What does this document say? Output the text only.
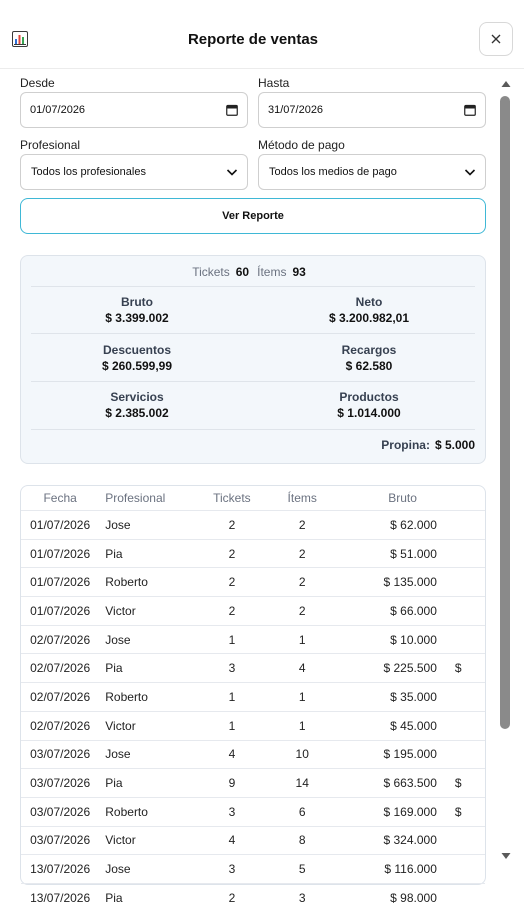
Reporte de ventas
Desde
01/07/2026
Hasta
31/07/2026
Profesional
Todos los profesionales
Método de pago
Todos los medios de pago
Ver Reporte
Tickets 60 Ítems 93
Bruto
$ 3.399.002
Neto
$ 3.200.982,01
Descuentos
$ 260.599,99
Recargos
$ 62.580
Servicios
$ 2.385.002
Productos
$ 1.014.000
Propina: $ 5.000
Fecha	Profesional	Tickets	Ítems	Bruto	
01/07/2026	Jose	2	2	$ 62.000	
01/07/2026	Pia	2	2	$ 51.000	
01/07/2026	Roberto	2	2	$ 135.000	
01/07/2026	Victor	2	2	$ 66.000	
02/07/2026	Jose	1	1	$ 10.000	
02/07/2026	Pia	3	4	$ 225.500	$
02/07/2026	Roberto	1	1	$ 35.000	
02/07/2026	Victor	1	1	$ 45.000	
03/07/2026	Jose	4	10	$ 195.000	
03/07/2026	Pia	9	14	$ 663.500	$
03/07/2026	Roberto	3	6	$ 169.000	$
03/07/2026	Victor	4	8	$ 324.000	
13/07/2026	Jose	3	5	$ 116.000	
13/07/2026	Pia	2	3	$ 98.000	
